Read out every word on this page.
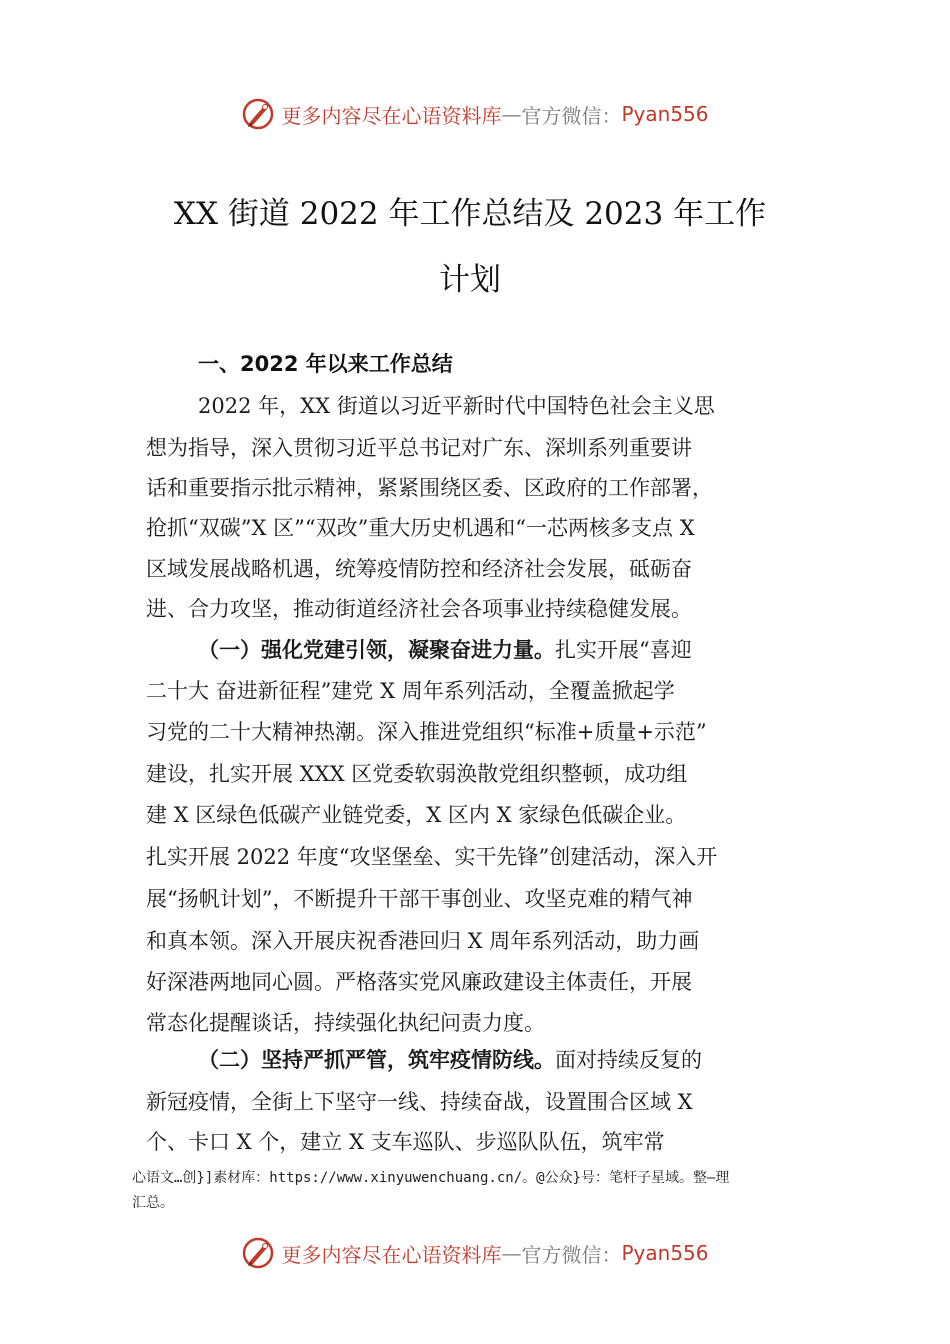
更多内容尽在心语资料库 — 官方微信： Pyan556
XX 街道 2022 年工作总结及 2023 年工作
计划
一、2022 年以来工作总结
2022 年，XX 街道以习近平新时代中国特色社会主义思
想为指导，深入贯彻习近平总书记对广东、深圳系列重要讲
话和重要指示批示精神，紧紧围绕区委、区政府的工作部署，
抢抓“双碳”X 区”“双改”重大历史机遇和“一芯两核多支点 X
区域发展战略机遇，统筹疫情防控和经济社会发展，砥砺奋
进、合力攻坚，推动街道经济社会各项事业持续稳健发展。
（一）强化党建引领，凝聚奋进力量。扎实开展“喜迎
二十大 奋进新征程”建党 X 周年系列活动，全覆盖掀起学
习党的二十大精神热潮。深入推进党组织“标准+质量+示范”
建设，扎实开展 XXX 区党委软弱涣散党组织整顿，成功组
建 X 区绿色低碳产业链党委，X 区内 X 家绿色低碳企业。
扎实开展 2022 年度“攻坚堡垒、实干先锋”创建活动，深入开
展“扬帆计划”，不断提升干部干事创业、攻坚克难的精气神
和真本领。深入开展庆祝香港回归 X 周年系列活动，助力画
好深港两地同心圆。严格落实党风廉政建设主体责任，开展
常态化提醒谈话，持续强化执纪问责力度。
（二）坚持严抓严管，筑牢疫情防线。面对持续反复的
新冠疫情，全街上下坚守一线、持续奋战，设置围合区域 X
个、卡口 X 个，建立 X 支车巡队、步巡队队伍，筑牢常
心语文…创}]素材库：https://www.xinyuwenchuang.cn/。@公众}号：笔杆子星域。整—理
汇总。
更多内容尽在心语资料库 — 官方微信： Pyan556
